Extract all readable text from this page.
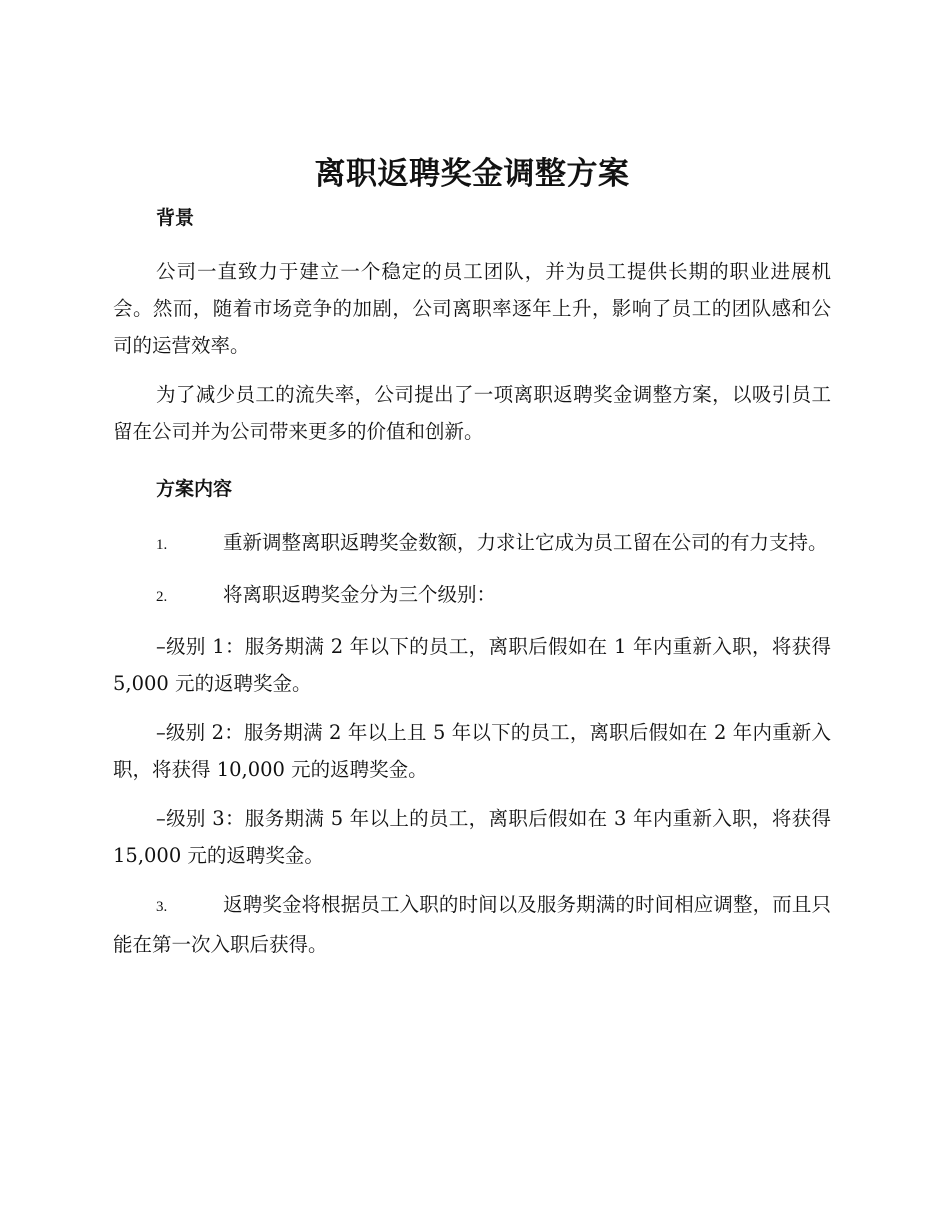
离职返聘奖金调整方案
背景

公司一直致力于建立一个稳定的员工团队，并为员工提供长期的职业进展机会。然而，随着市场竞争的加剧，公司离职率逐年上升，影响了员工的团队感和公司的运营效率。

为了减少员工的流失率，公司提出了一项离职返聘奖金调整方案，以吸引员工留在公司并为公司带来更多的价值和创新。

方案内容

1.	重新调整离职返聘奖金数额，力求让它成为员工留在公司的有力支持。

2.	将离职返聘奖金分为三个级别：

–级别 1：服务期满 2 年以下的员工，离职后假如在 1 年内重新入职，将获得 5,000 元的返聘奖金。

–级别 2：服务期满 2 年以上且 5 年以下的员工，离职后假如在 2 年内重新入职，将获得 10,000 元的返聘奖金。

–级别 3：服务期满 5 年以上的员工，离职后假如在 3 年内重新入职，将获得 15,000 元的返聘奖金。

3.	返聘奖金将根据员工入职的时间以及服务期满的时间相应调整，而且只能在第一次入职后获得。
